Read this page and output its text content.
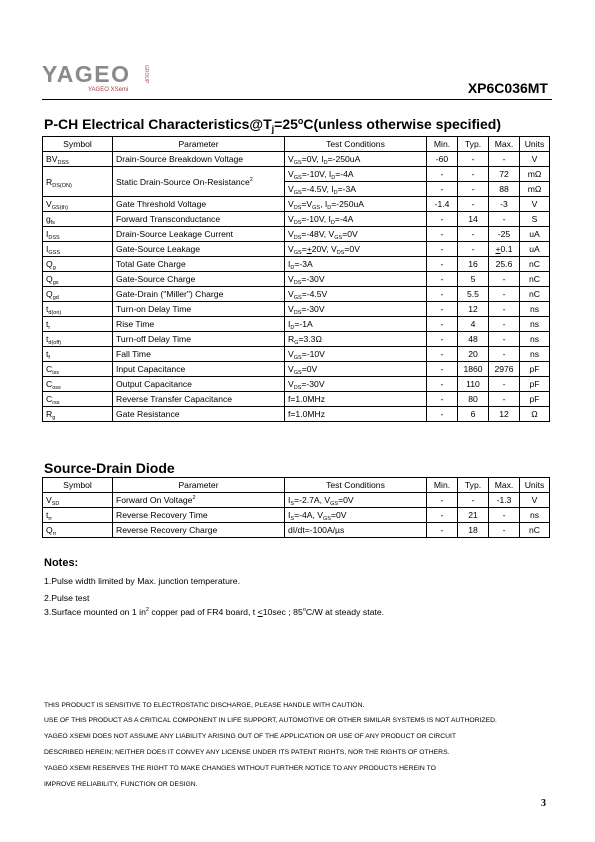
YAGEO	GROUP
YAGEO XSemi	XP6C036MT
P-CH Electrical $Characteristics@T_j=25^oC(unless$ otherwise specified)
Symbol	Parameter	Test Conditions	Min.	Typ.	Max.	Units
$BV_{DSS}$	Drain-Source Breakdown Voltage	$V_{GS}=0V$, $I_D=-250uA$	-60	-	-	V
$R_{DS(ON)}$	Static Drain-Source On-Resistance$^2$	$V_{GS}=-10V$, $I_D=-4A$	-	-	72	mΩ
		$V_{GS}=-4.5V$, $I_D=-3A$	-	-	88	mΩ
$V_{GS(th)}$	Gate Threshold Voltage	$V_{DS}=V_{GS}$, $I_D=-250uA$	-1.4	-	-3	V
$g_{fs}$	Forward Transconductance	$V_{DS}=-10V$, $I_D=-4A$	-	14	-	S
$I_{DSS}$	Drain-Source Leakage Current	$V_{DS}=-48V$, $V_{GS}=0V$	-	-	-25	uA
$I_{GSS}$	Gate-Source Leakage	$V_{GS}=+20V$, $V_{DS}=0V$	-	-	+0.1	uA
$Q_g$	Total Gate Charge	$I_D=-3A$	-	16	25.6	nC
$Q_{gs}$	Gate-Source Charge	$V_{DS}=-30V$	-	5	-	nC
$Q_{gd}$	Gate-Drain ("Miller") Charge	$V_{GS}=-4.5V$	-	5.5	-	nC
$t_{d(on)}$	Turn-on Delay Time	$V_{DS}=-30V$	-	12	-	ns
$t_r$	Rise Time	$I_D=-1A$	-	4	-	ns
$t_{d(off)}$	Turn-off Delay Time	$R_G=3.3\Omega$	-	48	-	ns
$t_f$	Fall Time	$V_{GS}=-10V$	-	20	-	ns
$C_{iss}$	Input Capacitance	$V_{GS}=0V$	-	1860	2976	pF
$C_{oss}$	Output Capacitance	$V_{DS}=-30V$	-	110	-	pF
$C_{rss}$	Reverse Transfer Capacitance	f=1.0MHz	-	80	-	pF
$R_g$	Gate Resistance	f=1.0MHz	-	6	12	Ω
Source-Drain Diode
Symbol	Parameter	Test Conditions	Min.	Typ.	Max.	Units
$V_{SD}$	Forward On Voltage$^2$	$I_S=-2.7A$, $V_{GS}=0V$	-	-	-1.3	V
$t_{rr}$	Reverse Recovery Time	$I_S=-4A$, $V_{GS}=0V$	-	21	-	ns
$Q_{rr}$	Reverse Recovery Charge	dI/dt=-100A/µs	-	18	-	nC
Notes:
1.Pulse width limited by Max. junction temperature.
2.Pulse test
3.Surface mounted on 1 $in^2$ copper pad of FR4 board, t <10sec ; 85$^o$C/W at steady state.
THIS PRODUCT IS SENSITIVE TO ELECTROSTATIC DISCHARGE, PLEASE HANDLE WITH CAUTION.
USE OF THIS PRODUCT AS A CRITICAL COMPONENT IN LIFE SUPPORT, AUTOMOTIVE OR OTHER SIMILAR SYSTEMS IS NOT AUTHORIZED.
YAGEO XSEMI DOES NOT ASSUME ANY LIABILITY ARISING OUT OF THE APPLICATION OR USE OF ANY PRODUCT OR CIRCUIT
DESCRIBED HEREIN; NEITHER DOES IT CONVEY ANY LICENSE UNDER ITS PATENT RIGHTS, NOR THE RIGHTS OF OTHERS.
YAGEO XSEMI RESERVES THE RIGHT TO MAKE CHANGES WITHOUT FURTHER NOTICE TO ANY PRODUCTS HEREIN TO
IMPROVE RELIABILITY, FUNCTION OR DESIGN.
3
